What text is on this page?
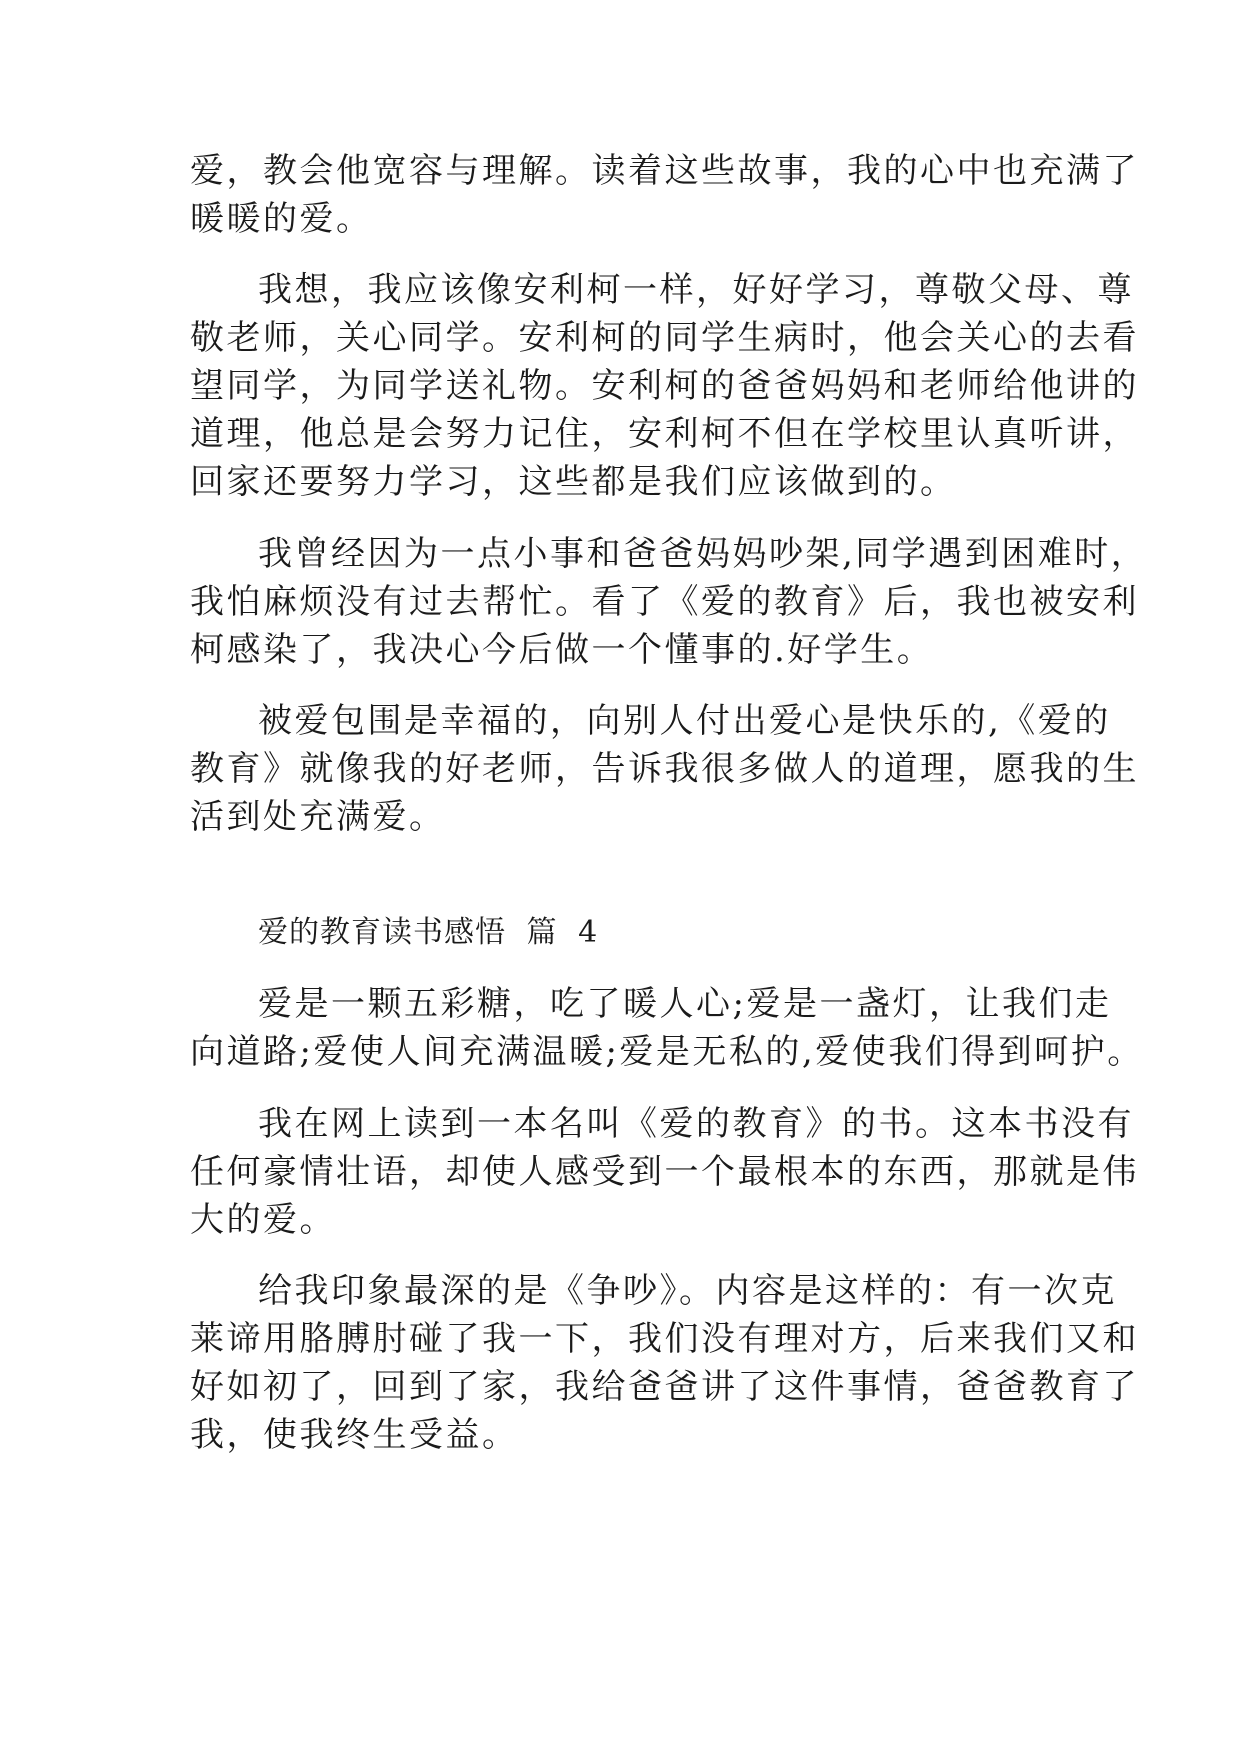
爱，教会他宽容与理解。读着这些故事，我的心中也充满了
暖暖的爱。
我想，我应该像安利柯一样，好好学习，尊敬父母、尊
敬老师，关心同学。安利柯的同学生病时，他会关心的去看
望同学，为同学送礼物。安利柯的爸爸妈妈和老师给他讲的
道理，他总是会努力记住，安利柯不但在学校里认真听讲，
回家还要努力学习，这些都是我们应该做到的。
我曾经因为一点小事和爸爸妈妈吵架,同学遇到困难时，
我怕麻烦没有过去帮忙。看了《爱的教育》后，我也被安利
柯感染了，我决心今后做一个懂事的.好学生。
被爱包围是幸福的，向别人付出爱心是快乐的,《爱的
教育》就像我的好老师，告诉我很多做人的道理，愿我的生
活到处充满爱。
爱的教育读书感悟 篇 4
爱是一颗五彩糖，吃了暖人心;爱是一盏灯，让我们走
向道路;爱使人间充满温暖;爱是无私的,爱使我们得到呵护。
我在网上读到一本名叫《爱的教育》的书。这本书没有
任何豪情壮语，却使人感受到一个最根本的东西，那就是伟
大的爱。
给我印象最深的是《争吵》。内容是这样的：有一次克
莱谛用胳膊肘碰了我一下，我们没有理对方，后来我们又和
好如初了，回到了家，我给爸爸讲了这件事情，爸爸教育了
我，使我终生受益。
